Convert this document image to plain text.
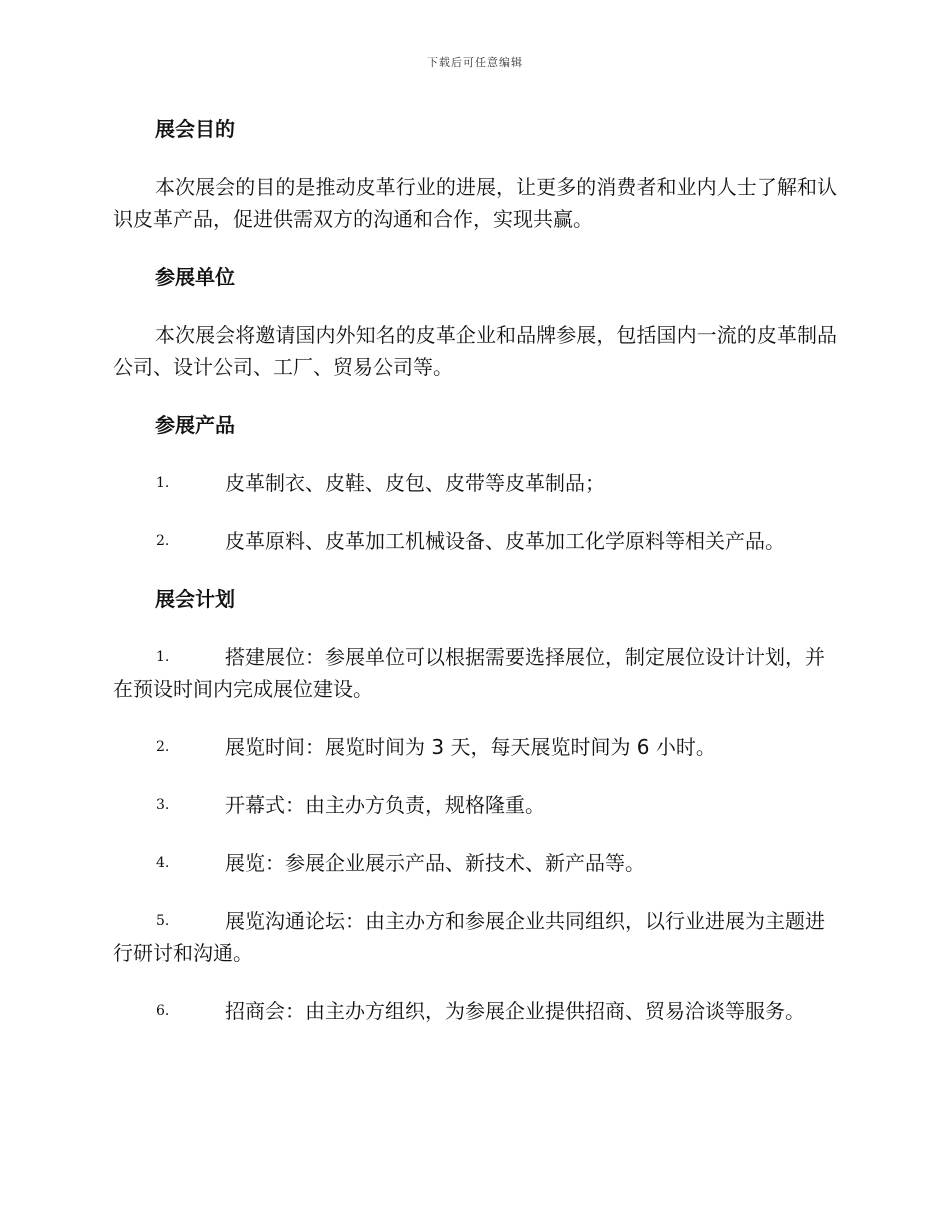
下载后可任意编辑
展会目的
本次展会的目的是推动皮革行业的进展，让更多的消费者和业内人士了解和认识皮革产品，促进供需双方的沟通和合作，实现共赢。
参展单位
本次展会将邀请国内外知名的皮革企业和品牌参展，包括国内一流的皮革制品公司、设计公司、工厂、贸易公司等。
参展产品
1.	皮革制衣、皮鞋、皮包、皮带等皮革制品；
2.	皮革原料、皮革加工机械设备、皮革加工化学原料等相关产品。
展会计划
1.	搭建展位：参展单位可以根据需要选择展位，制定展位设计计划，并在预设时间内完成展位建设。
2.	展览时间：展览时间为 3 天，每天展览时间为 6 小时。
3.	开幕式：由主办方负责，规格隆重。
4.	展览：参展企业展示产品、新技术、新产品等。
5.	展览沟通论坛：由主办方和参展企业共同组织，以行业进展为主题进行研讨和沟通。
6.	招商会：由主办方组织，为参展企业提供招商、贸易洽谈等服务。
